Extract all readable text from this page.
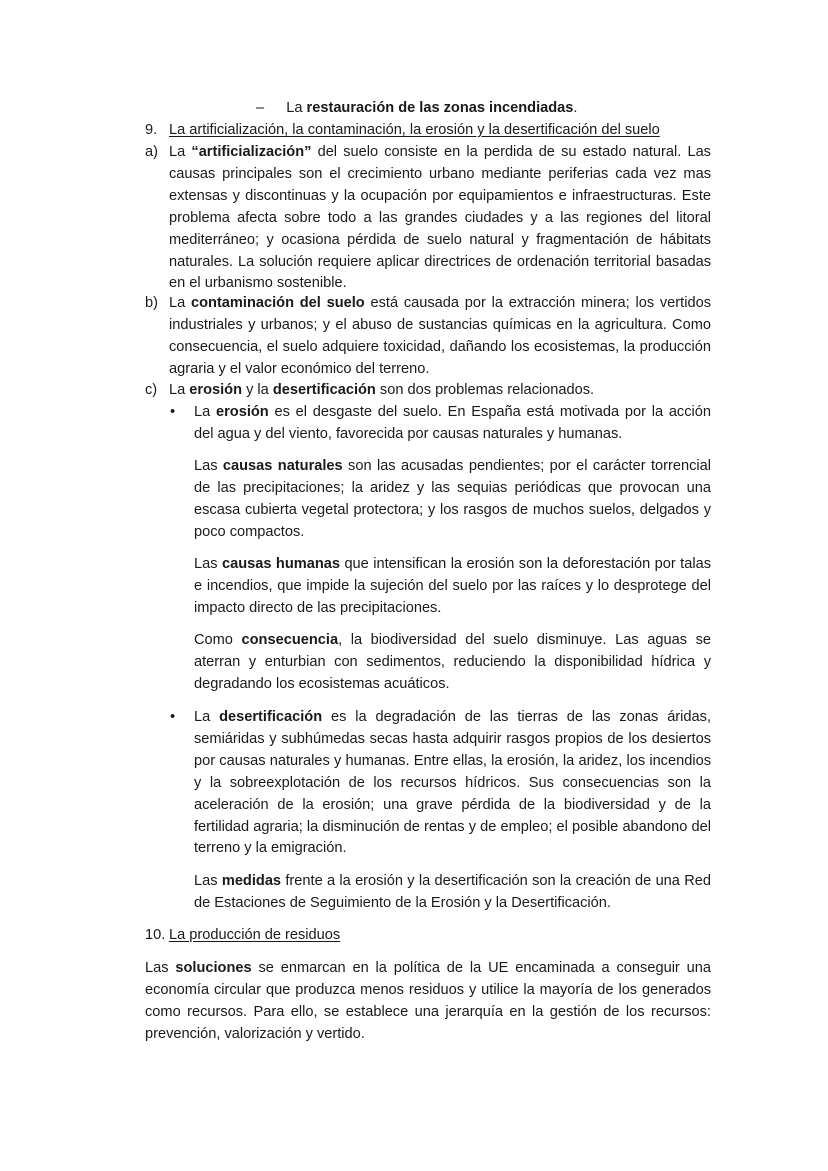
– La restauración de las zonas incendiadas.
9. La artificialización, la contaminación, la erosión y la desertificación del suelo
a) La “artificialización” del suelo consiste en la perdida de su estado natural. Las causas principales son el crecimiento urbano mediante periferias cada vez mas extensas y discontinuas y la ocupación por equipamientos e infraestructuras. Este problema afecta sobre todo a las grandes ciudades y a las regiones del litoral mediterráneo; y ocasiona pérdida de suelo natural y fragmentación de hábitats naturales. La solución requiere aplicar directrices de ordenación territorial basadas en el urbanismo sostenible.

b) La contaminación del suelo está causada por la extracción minera; los vertidos industriales y urbanos; y el abuso de sustancias químicas en la agricultura. Como consecuencia, el suelo adquiere toxicidad, dañando los ecosistemas, la producción agraria y el valor económico del terreno.

c) La erosión y la desertificación son dos problemas relacionados.

• La erosión es el desgaste del suelo. En España está motivada por la acción del agua y del viento, favorecida por causas naturales y humanas.

Las causas naturales son las acusadas pendientes; por el carácter torrencial de las precipitaciones; la aridez y las sequias periódicas que provocan una escasa cubierta vegetal protectora; y los rasgos de muchos suelos, delgados y poco compactos.

Las causas humanas que intensifican la erosión son la deforestación por talas e incendios, que impide la sujeción del suelo por las raíces y lo desprotege del impacto directo de las precipitaciones.

Como consecuencia, la biodiversidad del suelo disminuye. Las aguas se aterran y enturbian con sedimentos, reduciendo la disponibilidad hídrica y degradando los ecosistemas acuáticos.

• La desertificación es la degradación de las tierras de las zonas áridas, semiáridas y subhúmedas secas hasta adquirir rasgos propios de los desiertos por causas naturales y humanas. Entre ellas, la erosión, la aridez, los incendios y la sobreexplotación de los recursos hídricos. Sus consecuencias son la aceleración de la erosión; una grave pérdida de la biodiversidad y de la fertilidad agraria; la disminución de rentas y de empleo; el posible abandono del terreno y la emigración.

Las medidas frente a la erosión y la desertificación son la creación de una Red de Estaciones de Seguimiento de la Erosión y la Desertificación.

10. La producción de residuos

Las soluciones se enmarcan en la política de la UE encaminada a conseguir una economía circular que produzca menos residuos y utilice la mayoría de los generados como recursos. Para ello, se establece una jerarquía en la gestión de los recursos: prevención, valorización y vertido.
